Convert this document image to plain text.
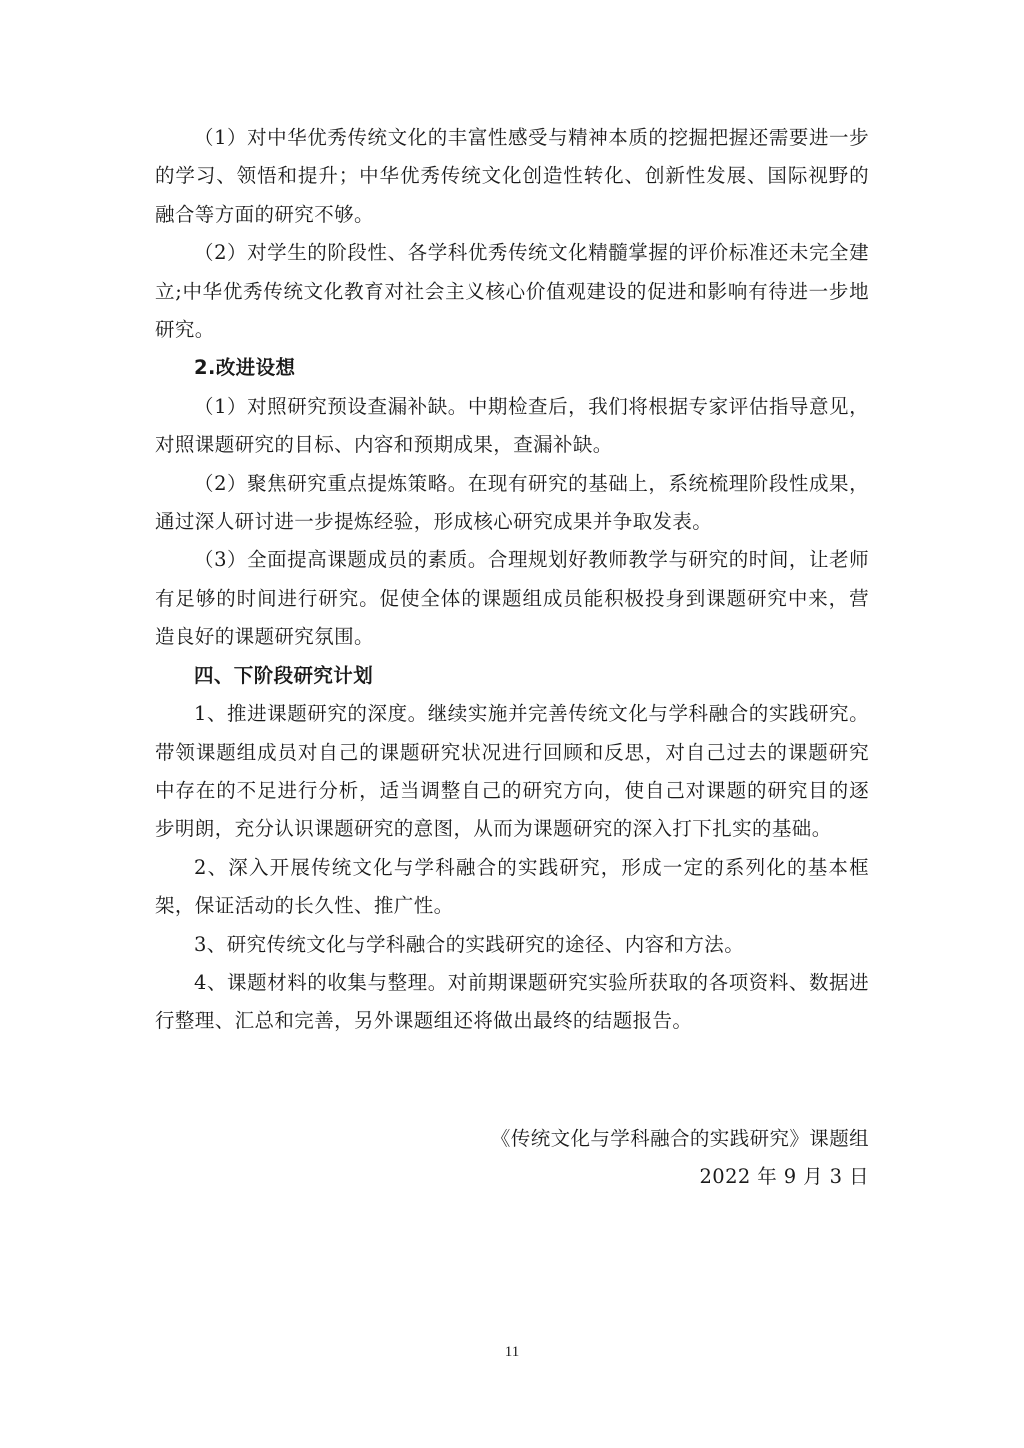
（1）对中华优秀传统文化的丰富性感受与精神本质的挖掘把握还需要进一步的学习、领悟和提升；中华优秀传统文化创造性转化、创新性发展、国际视野的融合等方面的研究不够。

（2）对学生的阶段性、各学科优秀传统文化精髓掌握的评价标准还未完全建立;中华优秀传统文化教育对社会主义核心价值观建设的促进和影响有待进一步地研究。

2.改进设想

（1）对照研究预设查漏补缺。中期检查后，我们将根据专家评估指导意见，对照课题研究的目标、内容和预期成果，查漏补缺。

（2）聚焦研究重点提炼策略。在现有研究的基础上，系统梳理阶段性成果，通过深人研讨进一步提炼经验，形成核心研究成果并争取发表。

（3）全面提高课题成员的素质。合理规划好教师教学与研究的时间，让老师有足够的时间进行研究。促使全体的课题组成员能积极投身到课题研究中来，营造良好的课题研究氛围。

四、下阶段研究计划

1、推进课题研究的深度。继续实施并完善传统文化与学科融合的实践研究。带领课题组成员对自己的课题研究状况进行回顾和反思，对自己过去的课题研究中存在的不足进行分析，适当调整自己的研究方向，使自己对课题的研究目的逐步明朗，充分认识课题研究的意图，从而为课题研究的深入打下扎实的基础。

2、深入开展传统文化与学科融合的实践研究，形成一定的系列化的基本框架，保证活动的长久性、推广性。

3、研究传统文化与学科融合的实践研究的途径、内容和方法。

4、课题材料的收集与整理。对前期课题研究实验所获取的各项资料、数据进行整理、汇总和完善，另外课题组还将做出最终的结题报告。

《传统文化与学科融合的实践研究》课题组
2022 年 9 月 3 日
11
